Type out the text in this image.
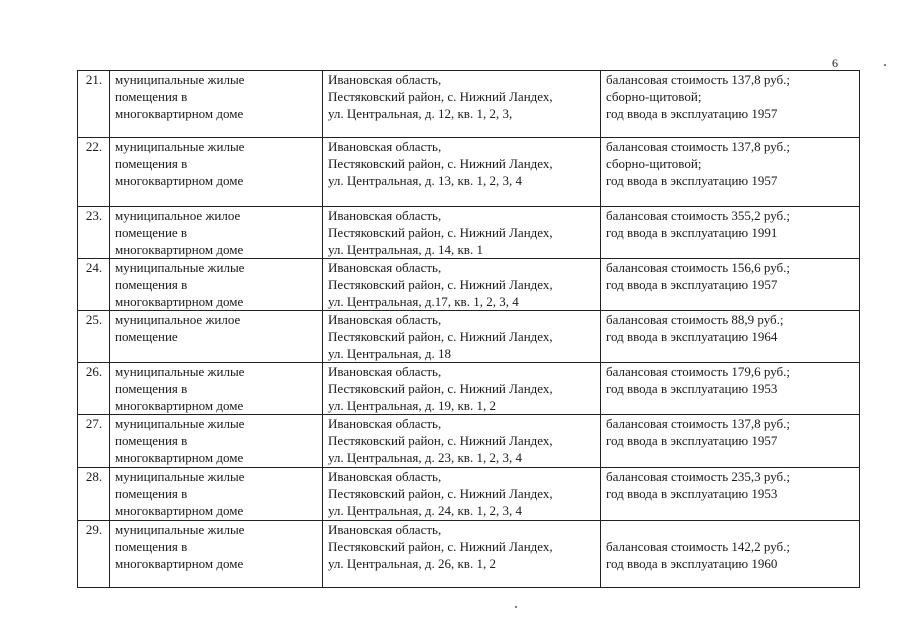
6
21.	муниципальные жилые
помещения в
многоквартирном доме	Ивановская область,
Пестяковский район, с. Нижний Ландех,
ул. Центральная, д. 12, кв. 1, 2, 3,	балансовая стоимость 137,8 руб.;
сборно-щитовой;
год ввода в эксплуатацию 1957

22.	муниципальные жилые
помещения в
многоквартирном доме	Ивановская область,
Пестяковский район, с. Нижний Ландех,
ул. Центральная, д. 13, кв. 1, 2, 3, 4	балансовая стоимость 137,8 руб.;
сборно-щитовой;
год ввода в эксплуатацию 1957

23.	муниципальное жилое
помещение в
многоквартирном доме	Ивановская область,
Пестяковский район, с. Нижний Ландех,
ул. Центральная, д. 14, кв. 1	балансовая стоимость 355,2 руб.;
год ввода в эксплуатацию 1991

24.	муниципальные жилые
помещения в
многоквартирном доме	Ивановская область,
Пестяковский район, с. Нижний Ландех,
ул. Центральная, д.17, кв. 1, 2, 3, 4	балансовая стоимость 156,6 руб.;
год ввода в эксплуатацию 1957

25.	муниципальное жилое
помещение	Ивановская область,
Пестяковский район, с. Нижний Ландех,
ул. Центральная, д. 18	балансовая стоимость 88,9 руб.;
год ввода в эксплуатацию 1964

26.	муниципальные жилые
помещения в
многоквартирном доме	Ивановская область,
Пестяковский район, с. Нижний Ландех,
ул. Центральная, д. 19, кв. 1, 2	балансовая стоимость 179,6 руб.;
год ввода в эксплуатацию 1953

27.	муниципальные жилые
помещения в
многоквартирном доме	Ивановская область,
Пестяковский район, с. Нижний Ландех,
ул. Центральная, д. 23, кв. 1, 2, 3, 4	балансовая стоимость 137,8 руб.;
год ввода в эксплуатацию 1957

28.	муниципальные жилые
помещения в
многоквартирном доме	Ивановская область,
Пестяковский район, с. Нижний Ландех,
ул. Центральная, д. 24, кв. 1, 2, 3, 4	балансовая стоимость 235,3 руб.;
год ввода в эксплуатацию 1953

29.	муниципальные жилые
помещения в
многоквартирном доме	Ивановская область,
Пестяковский район, с. Нижний Ландех,
ул. Центральная, д. 26, кв. 1, 2	балансовая стоимость 142,2 руб.;
год ввода в эксплуатацию 1960
